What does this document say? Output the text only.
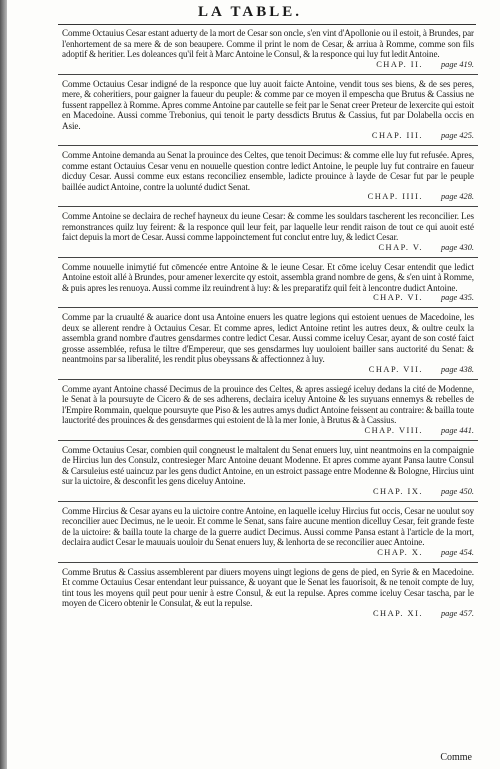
LA TABLE.
Comme Octauius Cesar estant aduerty de la mort de Cesar son oncle, s'en vint d'Apollonie ou il estoit, à Brundes, par l'enhortement de sa mere & de son beaupere. Comme il print le nom de Cesar, & arriua à Romme, comme son fils adoptif & heritier. Les doleances qu'il feit à Marc Antoine le Consul, & la responce qui luy fut ledit Antoine.
CHAP. II. page 419.
Comme Octauius Cesar indigné de la responce que luy auoit faicte Antoine, vendit tous ses biens, & de ses peres, mere, & coheritiers, pour gaigner la faueur du peuple: & comme par ce moyen il empescha que Brutus & Cassius ne fussent rappellez à Romme. Apres comme Antoine par cautelle se feit par le Senat creer Preteur de lexercite qui estoit en Macedoine. Aussi comme Trebonius, qui tenoit le party dessdicts Brutus & Cassius, fut par Dolabella occis en Asie.
CHAP. III. page 425.
Comme Antoine demanda au Senat la prouince des Celtes, que tenoit Decimus: & comme elle luy fut refusée. Apres, comme estant Octauius Cesar venu en nouuelle question contre ledict Antoine, le peuple luy fut contraire en faueur dicduy Cesar. Aussi comme eux estans reconciliez ensemble, ladicte prouince à layde de Cesar fut par le peuple baillée audict Antoine, contre la uolunté dudict Senat.
CHAP. IIII. page 428.
Comme Antoine se declaira de rechef hayneux du ieune Cesar: & comme les souldars tascherent les reconcilier. Les remonstrances quilz luy feirent: & la responce quil leur feit, par laquelle leur rendit raison de tout ce qui auoit esté faict depuis la mort de Cesar. Aussi comme lappoinctement fut conclut entre luy, & ledict Cesar.
CHAP. V. page 430.
Comme nouuelle inimytié fut cōmencée entre Antoine & le ieune Cesar. Et cōme iceluy Cesar entendit que ledict Antoine estoit allé à Brundes, pour amener lexercite qy estoit, assembla grand nombre de gens, & s'en uint à Romme, & puis apres les renuoya. Aussi comme ilz reuindrent à luy: & les preparatifz quil feit à lencontre dudict Antoine.
CHAP. VI. page 435.
Comme par la cruaulté & auarice dont usa Antoine enuers les quatre legions qui estoient uenues de Macedoine, les deux se allerent rendre à Octauius Cesar. Et comme apres, ledict Antoine retint les autres deux, & oultre ceulx la assembla grand nombre d'autres gensdarmes contre ledict Cesar. Aussi comme iceluy Cesar, ayant de son costé faict grosse assemblée, refusa le tiltre d'Empereur, que ses gensdarmes luy uouloient bailler sans auctorité du Senat: & neantmoins par sa liberalité, les rendit plus obeyssans & affectionnez à luy.
CHAP. VII. page 438.
Comme ayant Antoine chassé Decimus de la prouince des Celtes, & apres assiegé iceluy dedans la cité de Modenne, le Senat à la poursuyte de Cicero & de ses adherens, declaira iceluy Antoine & les suyuans ennemys & rebelles de l'Empire Rommain, quelque poursuyte que Piso & les autres amys dudict Antoine feissent au contraire: & bailla toute lauctorité des prouinces & des gensdarmes qui estoient de là la mer Ionie, à Brutus & à Cassius.
CHAP. VIII. page 441.
Comme Octauius Cesar, combien quil congneust le maltalent du Senat enuers luy, uint neantmoins en la compaignie de Hircius lun des Consulz, contresieger Marc Antoine deuant Modenne. Et apres comme ayant Pansa lautre Consul & Carsuleius esté uaincuz par les gens dudict Antoine, en un estroict passage entre Modenne & Bologne, Hircius uint sur la uictoire, & desconfit les gens diceluy Antoine.
CHAP. IX. page 450.
Comme Hircius & Cesar ayans eu la uictoire contre Antoine, en laquelle iceluy Hircius fut occis, Cesar ne uoulut soy reconcilier auec Decimus, ne le ueoir. Et comme le Senat, sans faire aucune mention dicelluy Cesar, feit grande feste de la uictoire: & bailla toute la charge de la guerre audict Decimus. Aussi comme Pansa estant à l'article de la mort, declaira audict Cesar le mauuais uouloir du Senat enuers luy, & lenhorta de se reconcilier auec Antoine.
CHAP. X. page 454.
Comme Brutus & Cassius assemblerent par diuers moyens uingt legions de gens de pied, en Syrie & en Macedoine. Et comme Octauius Cesar entendant leur puissance, & uoyant que le Senat les fauorisoit, & ne tenoit compte de luy, tint tous les moyens quil peut pour uenir à estre Consul, & eut la repulse. Apres comme iceluy Cesar tascha, par le moyen de Cicero obtenir le Consulat, & eut la repulse.
CHAP. XI. page 457.
Comme
